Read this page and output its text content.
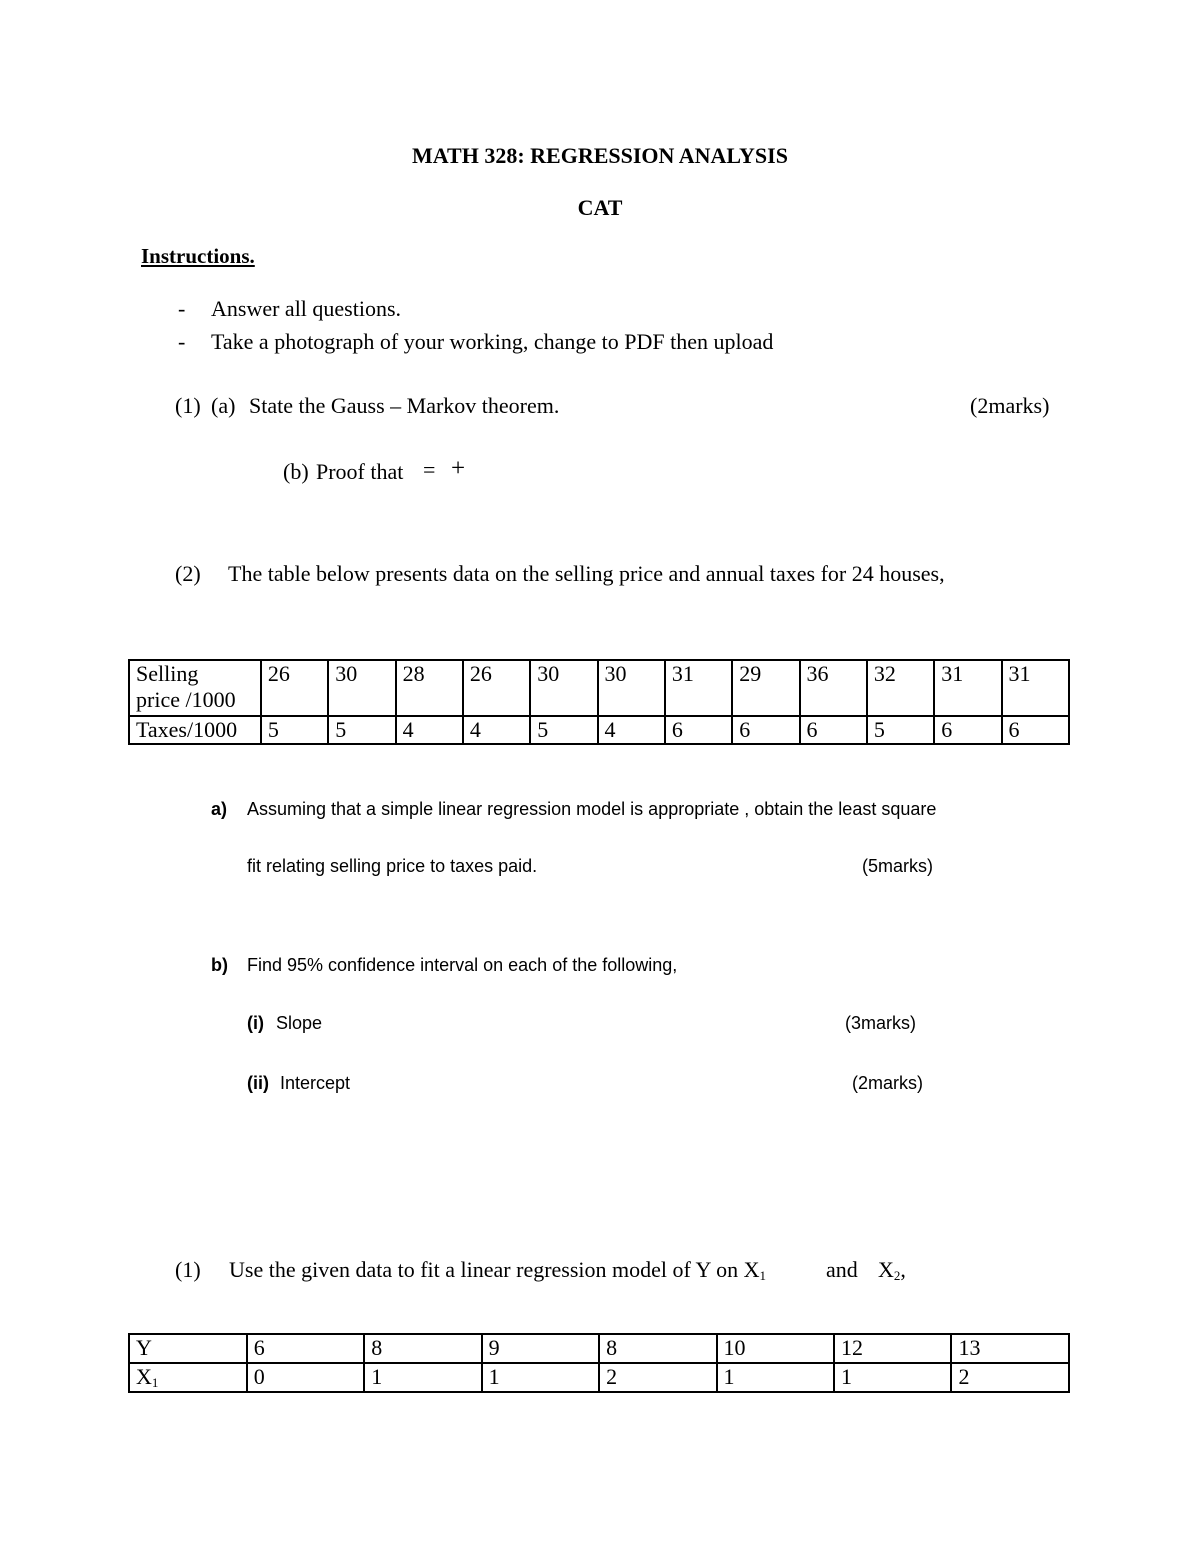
MATH 328: REGRESSION ANALYSIS
CAT
Instructions.
- Answer all questions.
- Take a photograph of your working, change to PDF then upload
(1) (a) State the Gauss – Markov theorem.	(2marks)
(b) Proof that = +
(2) The table below presents data on the selling price and annual taxes for 24 houses,
Selling
price /1000	26	30	28	26	30	30	31	29	36	32	31	31
Taxes/1000	5	5	4	4	5	4	6	6	6	5	6	6
a) Assuming that a simple linear regression model is appropriate , obtain the least square
fit relating selling price to taxes paid.	(5marks)
b) Find 95% confidence interval on each of the following,
(i) Slope	(3marks)
(ii) Intercept	(2marks)
(1) Use the given data to fit a linear regression model of Y on $X_1$	and $X_2$,
Y	6	8	9	8	10	12	13
$X_1$	0	1	1	2	1	1	2
